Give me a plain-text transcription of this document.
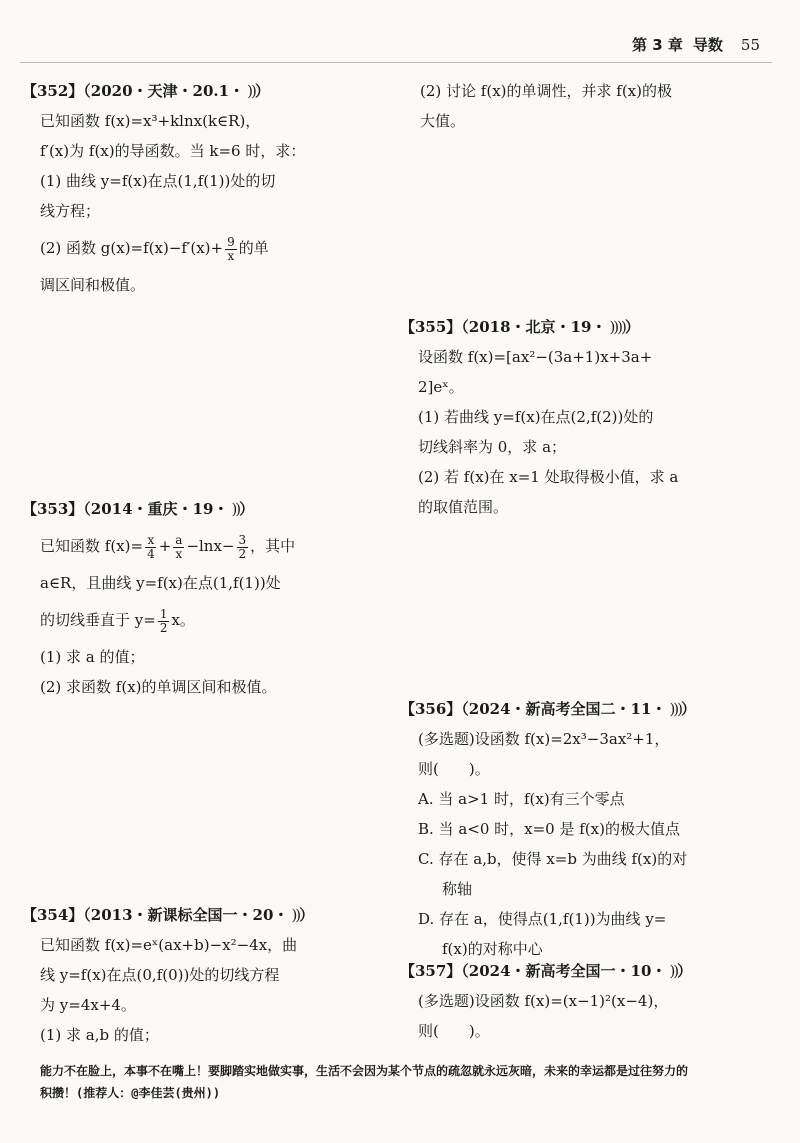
第 3 章 导数 55
【352】（2020・天津・20.1・ ))）
已知函数 f(x)=x³+klnx(k∈R)，
f′(x)为 f(x)的导函数。当 k=6 时，求：
(1) 曲线 y=f(x)在点(1,f(1))处的切
线方程；
(2) 函数 $g(x)=f(x)-f'(x)+ \frac{9}{x}$ 的单
调区间和极值。
(2) 讨论 f(x)的单调性，并求 f(x)的极
大值。
【353】（2014・重庆・19・ ))）
已知函数 $f(x)= \frac{x}{4} + \frac{a}{x} -\ln x- \frac{3}{2}$ ，其中
a∈R，且曲线 y=f(x)在点(1,f(1))处
的切线垂直于 $y= \frac{1}{2}$ x。
(1) 求 a 的值；
(2) 求函数 f(x)的单调区间和极值。
【354】（2013・新课标全国一・20・ ))）
已知函数 f(x)=eˣ(ax+b)−x²−4x，曲
线 y=f(x)在点(0,f(0))处的切线方程
为 y=4x+4。
(1) 求 a,b 的值；
【355】（2018・北京・19・ ))))）
设函数 f(x)=[ax²−(3a+1)x+3a+
2]eˣ。
(1) 若曲线 y=f(x)在点(2,f(2))处的
切线斜率为 0，求 a；
(2) 若 f(x)在 x=1 处取得极小值，求 a
的取值范围。
【356】（2024・新高考全国二・11・ )))）
(多选题)设函数 f(x)=2x³−3ax²+1，
则(　　)。
A. 当 a>1 时，f(x)有三个零点
B. 当 a<0 时，x=0 是 f(x)的极大值点
C. 存在 a,b，使得 x=b 为曲线 f(x)的对
称轴
D. 存在 a，使得点(1,f(1))为曲线 y=
f(x)的对称中心
【357】（2024・新高考全国一・10・ ))）
(多选题)设函数 f(x)=(x−1)²(x−4)，
则(　　)。
能力不在脸上，本事不在嘴上！要脚踏实地做实事，生活不会因为某个节点的疏忽就永远灰暗，未来的幸运都是过往努力的
积攒！(推荐人：@李佳芸(贵州))
